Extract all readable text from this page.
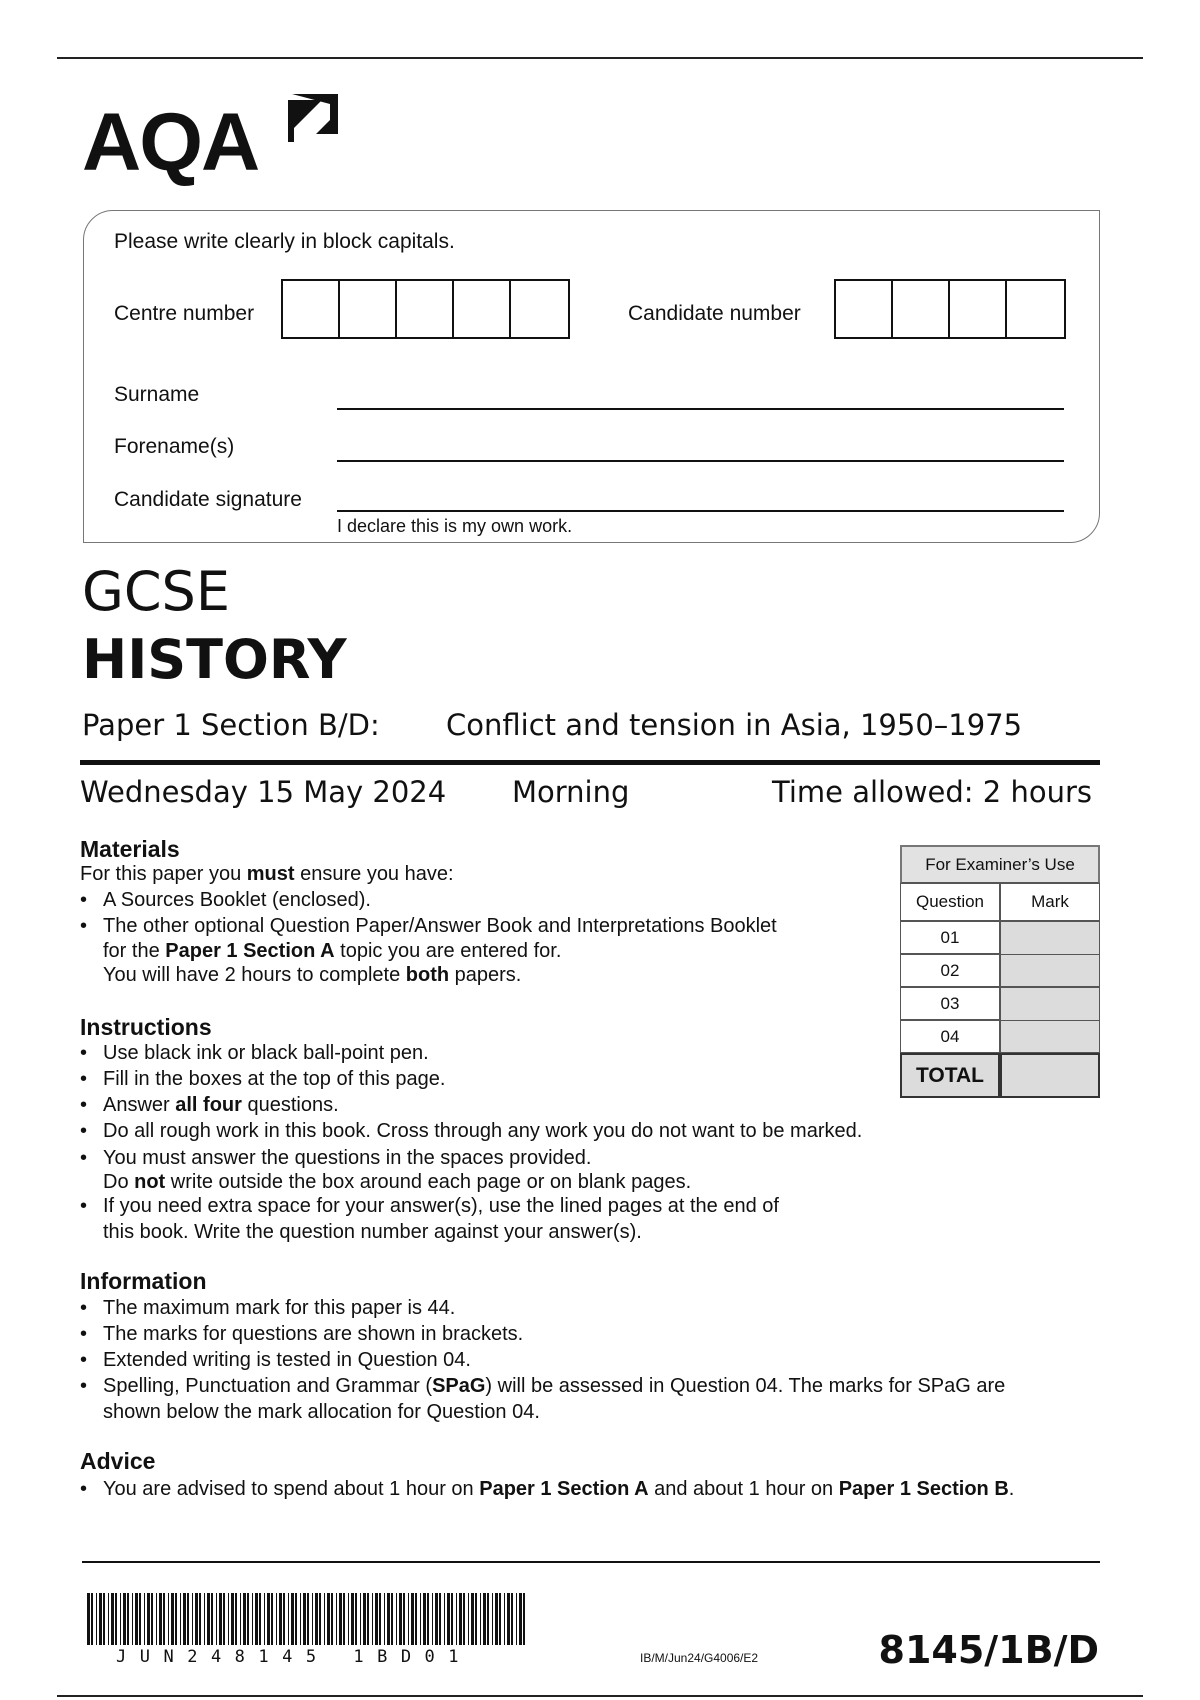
AQA
Please write clearly in block capitals.
Centre number	Candidate number
Surname
Forename(s)
Candidate signature
I declare this is my own work.
GCSE
HISTORY
Paper 1 Section B/D: Conflict and tension in Asia, 1950–1975
Wednesday 15 May 2024 Morning	Time allowed: 2 hours
Materials
For this paper you must ensure you have:
• A Sources Booklet (enclosed).
• The other optional Question Paper/Answer Book and Interpretations Booklet
for the Paper 1 Section A topic you are entered for.
You will have 2 hours to complete both papers.
Instructions
• Use black ink or black ball-point pen.
• Fill in the boxes at the top of this page.
• Answer all four questions.
• Do all rough work in this book. Cross through any work you do not want to be marked.
• You must answer the questions in the spaces provided.
Do not write outside the box around each page or on blank pages.
• If you need extra space for your answer(s), use the lined pages at the end of
this book. Write the question number against your answer(s).
Information
• The maximum mark for this paper is 44.
• The marks for questions are shown in brackets.
• Extended writing is tested in Question 04.
• Spelling, Punctuation and Grammar (SPaG) will be assessed in Question 04. The marks for SPaG are
shown below the mark allocation for Question 04.
Advice
• You are advised to spend about 1 hour on Paper 1 Section A and about 1 hour on Paper 1 Section B.
For Examiner’s Use
Question	Mark
01
02
03
04
TOTAL
JUN248145 1BD01	IB/M/Jun24/G4006/E2	8145/1B/D
